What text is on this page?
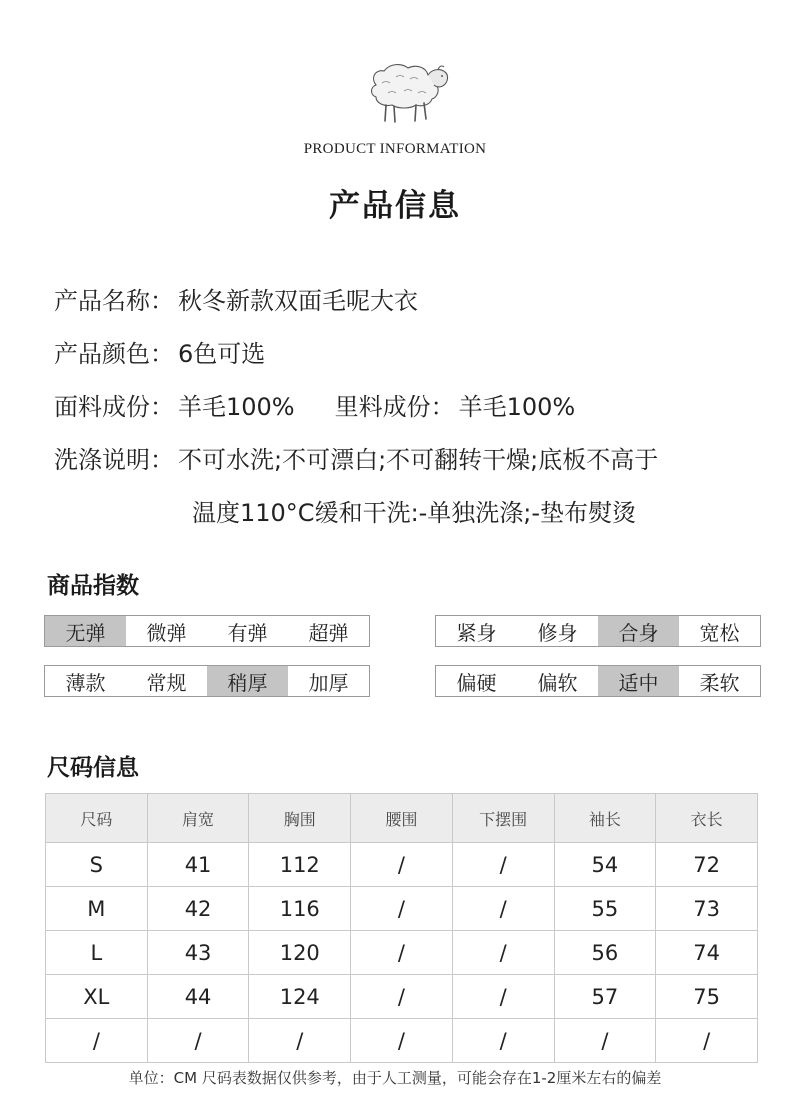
PRODUCT INFORMATION
产品信息
产品名称： 秋冬新款双面毛呢大衣
产品颜色： 6色可选
面料成份： 羊毛100% 里料成份： 羊毛100%
洗涤说明： 不可水洗;不可漂白;不可翻转干燥;底板不高于
温度110°C缓和干洗:-单独洗涤;-垫布熨烫
商品指数
无弹	微弹	有弹	超弹	紧身	修身	合身	宽松
薄款	常规	稍厚	加厚	偏硬	偏软	适中	柔软
尺码信息
尺码	肩宽	胸围	腰围	下摆围	袖长	衣长
S	41	112	/	/	54	72
M	42	116	/	/	55	73
L	43	120	/	/	56	74
XL	44	124	/	/	57	75
/	/	/	/	/	/	/
单位：CM 尺码表数据仅供参考，由于人工测量，可能会存在1-2厘米左右的偏差
